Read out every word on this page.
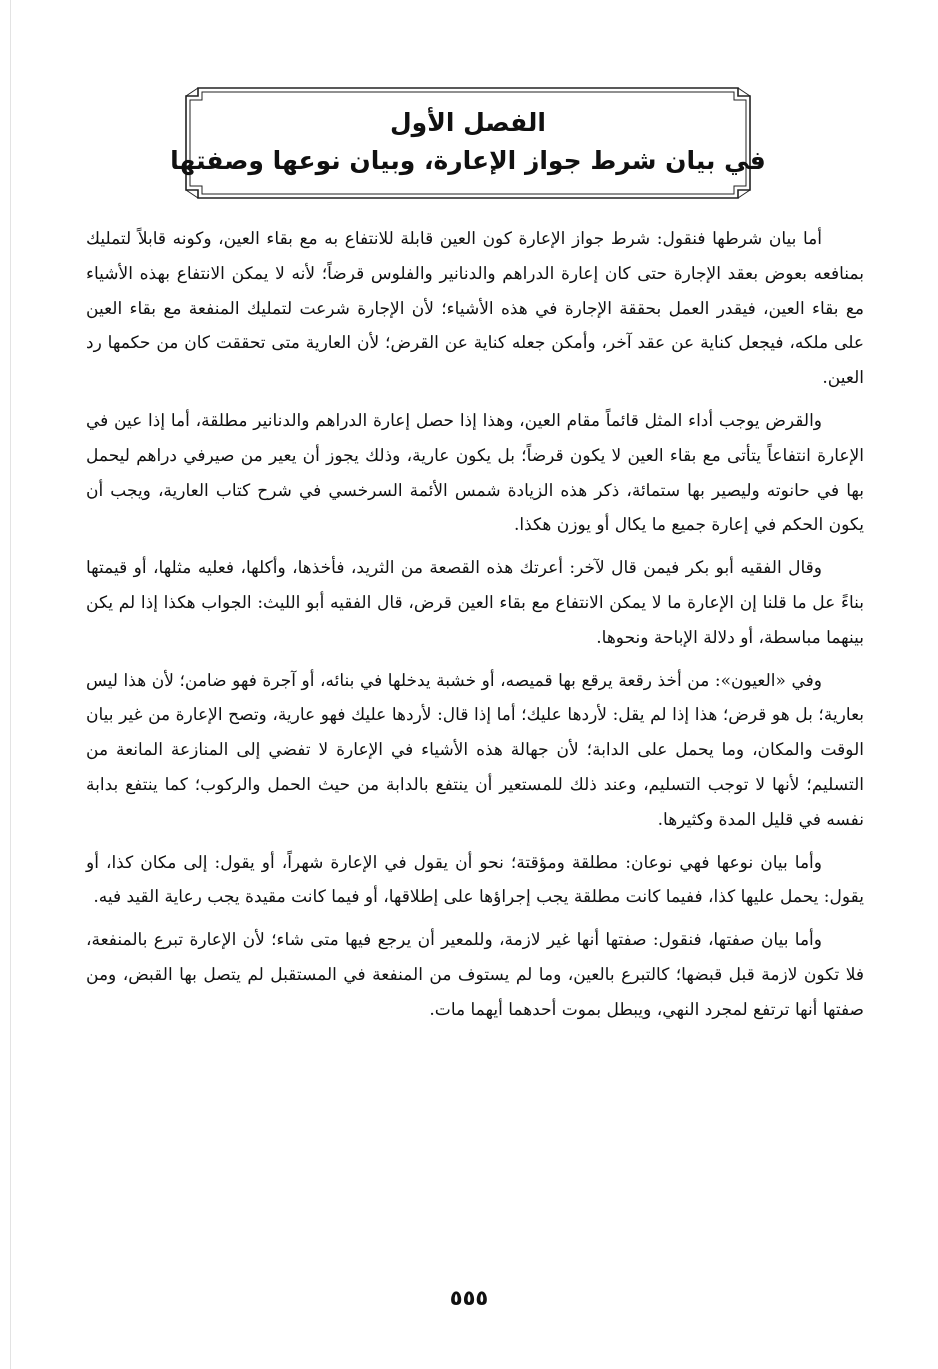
الفصل الأول
في بيان شرط جواز الإعارة، وبيان نوعها وصفتها

أما بيان شرطها فنقول: شرط جواز الإعارة كون العين قابلة للانتفاع به مع بقاء العين، وكونه قابلاً لتمليك بمنافعه بعوض بعقد الإجارة حتى كان إعارة الدراهم والدنانير والفلوس قرضاً؛ لأنه لا يمكن الانتفاع بهذه الأشياء مع بقاء العين، فيقدر العمل بحققة الإجارة في هذه الأشياء؛ لأن الإجارة شرعت لتمليك المنفعة مع بقاء العين على ملكه، فيجعل كناية عن عقد آخر، وأمكن جعله كناية عن القرض؛ لأن العارية متى تحققت كان من حكمها رد العين.

والقرض يوجب أداء المثل قائماً مقام العين، وهذا إذا حصل إعارة الدراهم والدنانير مطلقة، أما إذا عين في الإعارة انتفاعاً يتأتى مع بقاء العين لا يكون قرضاً؛ بل يكون عارية، وذلك يجوز أن يعير من صيرفي دراهم ليحمل بها في حانوته وليصير بها ستمائة، ذكر هذه الزيادة شمس الأئمة السرخسي في شرح كتاب العارية، ويجب أن يكون الحكم في إعارة جميع ما يكال أو يوزن هكذا.

وقال الفقيه أبو بكر فيمن قال لآخر: أعرتك هذه القصعة من الثريد، فأخذها، وأكلها، فعليه مثلها، أو قيمتها بناءً عل ما قلنا إن الإعارة ما لا يمكن الانتفاع مع بقاء العين قرض، قال الفقيه أبو الليث: الجواب هكذا إذا لم يكن بينهما مباسطة، أو دلالة الإباحة ونحوها.

وفي «العيون»: من أخذ رقعة يرقع بها قميصه، أو خشبة يدخلها في بنائه، أو آجرة فهو ضامن؛ لأن هذا ليس بعارية؛ بل هو قرض؛ هذا إذا لم يقل: لأردها عليك؛ أما إذا قال: لأردها عليك فهو عارية، وتصح الإعارة من غير بيان الوقت والمكان، وما يحمل على الدابة؛ لأن جهالة هذه الأشياء في الإعارة لا تفضي إلى المنازعة المانعة من التسليم؛ لأنها لا توجب التسليم، وعند ذلك للمستعير أن ينتفع بالدابة من حيث الحمل والركوب؛ كما ينتفع بدابة نفسه في قليل المدة وكثيرها.

وأما بيان نوعها فهي نوعان: مطلقة ومؤقتة؛ نحو أن يقول في الإعارة شهراً، أو يقول: إلى مكان كذا، أو يقول: يحمل عليها كذا، ففيما كانت مطلقة يجب إجراؤها على إطلاقها، أو فيما كانت مقيدة يجب رعاية القيد فيه.

وأما بيان صفتها، فنقول: صفتها أنها غير لازمة، وللمعير أن يرجع فيها متى شاء؛ لأن الإعارة تبرع بالمنفعة، فلا تكون لازمة قبل قبضها؛ كالتبرع بالعين، وما لم يستوف من المنفعة في المستقبل لم يتصل بها القبض، ومن صفتها أنها ترتفع لمجرد النهي، ويبطل بموت أحدهما أيهما مات.

٥٥٥
